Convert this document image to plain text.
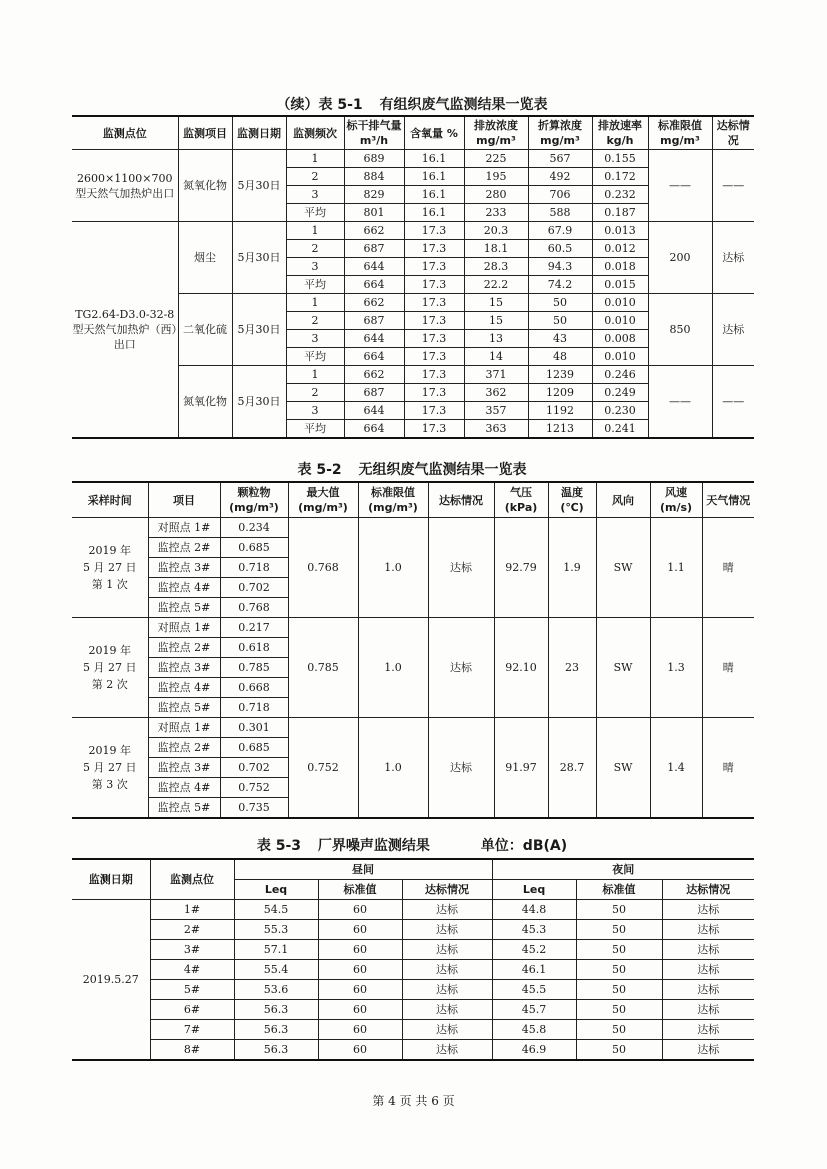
（续）表 5-1 有组织废气监测结果一览表
监测点位	监测项目	监测日期	监测频次	标干排气量 m³/h	含氧量 %	排放浓度 mg/m³	折算浓度 mg/m³	排放速率 kg/h	标准限值 mg/m³	达标情况
2600×1100×700 型天然气加热炉出口	氮氧化物	5月30日	1	689	16.1	225	567	0.155	——	——
			2	884	16.1	195	492	0.172		
			3	829	16.1	280	706	0.232		
			平均	801	16.1	233	588	0.187		
TG2.64-D3.0-32-8 型天然气加热炉（西）出口	烟尘	5月30日	1	662	17.3	20.3	67.9	0.013	200	达标
			2	687	17.3	18.1	60.5	0.012		
			3	644	17.3	28.3	94.3	0.018		
			平均	664	17.3	22.2	74.2	0.015		
	二氧化硫	5月30日	1	662	17.3	15	50	0.010	850	达标
			2	687	17.3	15	50	0.010		
			3	644	17.3	13	43	0.008		
			平均	664	17.3	14	48	0.010		
	氮氧化物	5月30日	1	662	17.3	371	1239	0.246	——	——
			2	687	17.3	362	1209	0.249		
			3	644	17.3	357	1192	0.230		
			平均	664	17.3	363	1213	0.241		
表 5-2 无组织废气监测结果一览表
采样时间	项目	颗粒物 (mg/m³)	最大值 (mg/m³)	标准限值 (mg/m³)	达标情况	气压 (kPa)	温度 (℃)	风向	风速 (m/s)	天气情况

2019 年
5 月 27 日
第 1 次	对照点 1#	0.234	0.768	1.0	达标	92.79	1.9	SW	1.1	晴
	监控点 2#	0.685								
	监控点 3#	0.718								
	监控点 4#	0.702								
	监控点 5#	0.768								

2019 年
5 月 27 日
第 2 次	对照点 1#	0.217	0.785	1.0	达标	92.10	23	SW	1.3	晴
	监控点 2#	0.618								
	监控点 3#	0.785								
	监控点 4#	0.668								
	监控点 5#	0.718								

2019 年
5 月 27 日
第 3 次	对照点 1#	0.301	0.752	1.0	达标	91.97	28.7	SW	1.4	晴
	监控点 2#	0.685								
	监控点 3#	0.702								
	监控点 4#	0.752								
	监控点 5#	0.735								
表 5-3 厂界噪声监测结果	单位：dB(A)
监测日期	监测点位	昼间			夜间		
		Leq	标准值	达标情况	Leq	标准值	达标情况
2019.5.27	1#	54.5	60	达标	44.8	50	达标
	2#	55.3	60	达标	45.3	50	达标
	3#	57.1	60	达标	45.2	50	达标
	4#	55.4	60	达标	46.1	50	达标
	5#	53.6	60	达标	45.5	50	达标
	6#	56.3	60	达标	45.7	50	达标
	7#	56.3	60	达标	45.8	50	达标
	8#	56.3	60	达标	46.9	50	达标
第 4 页 共 6 页
